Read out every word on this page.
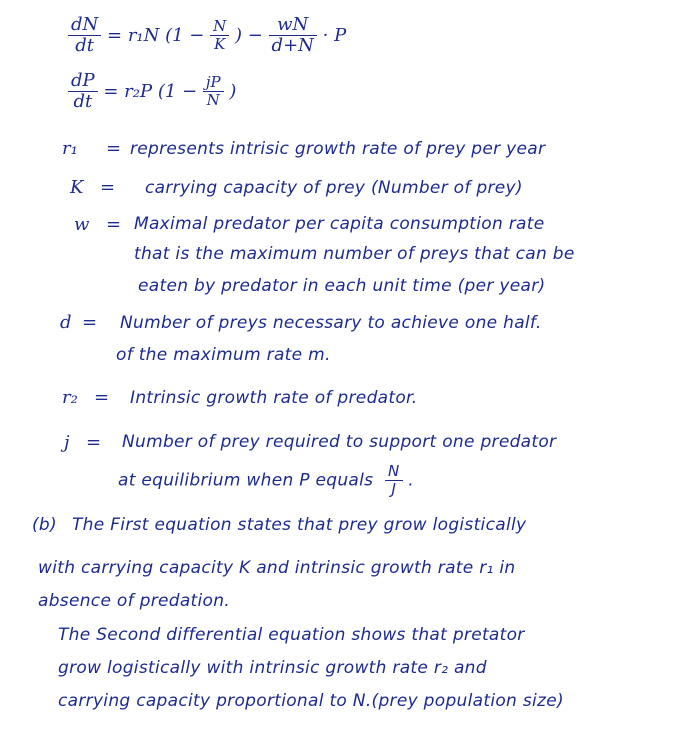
$\frac{dN}{dt} = r_1N$ ($1 - \frac{N}{K}$ ) − $\frac{wN}{d+N} \cdot P$
$\frac{dP}{dt} = r_2P$ ($1 - \frac{jP}{N}$ )
r₁ = represents intrisic growth rate of prey per year
K = carrying capacity of prey (Number of prey)
w = Maximal predator per capita consumption rate
that is the maximum number of preys that can be
eaten by predator in each unit time (per year)
d = Number of preys necessary to achieve one half.
of the maximum rate m.
r₂ = Intrinsic growth rate of predator.
j = Number of prey required to support one predator
at equilibrium when P equals $\frac{N}{J}$ .
(b) The First equation states that prey grow logistically
with carrying capacity K and intrinsic growth rate r₁ in
absence of predation.
The Second differential equation shows that pretator
grow logistically with intrinsic growth rate r₂ and
carrying capacity proportional to N.(prey population size)
